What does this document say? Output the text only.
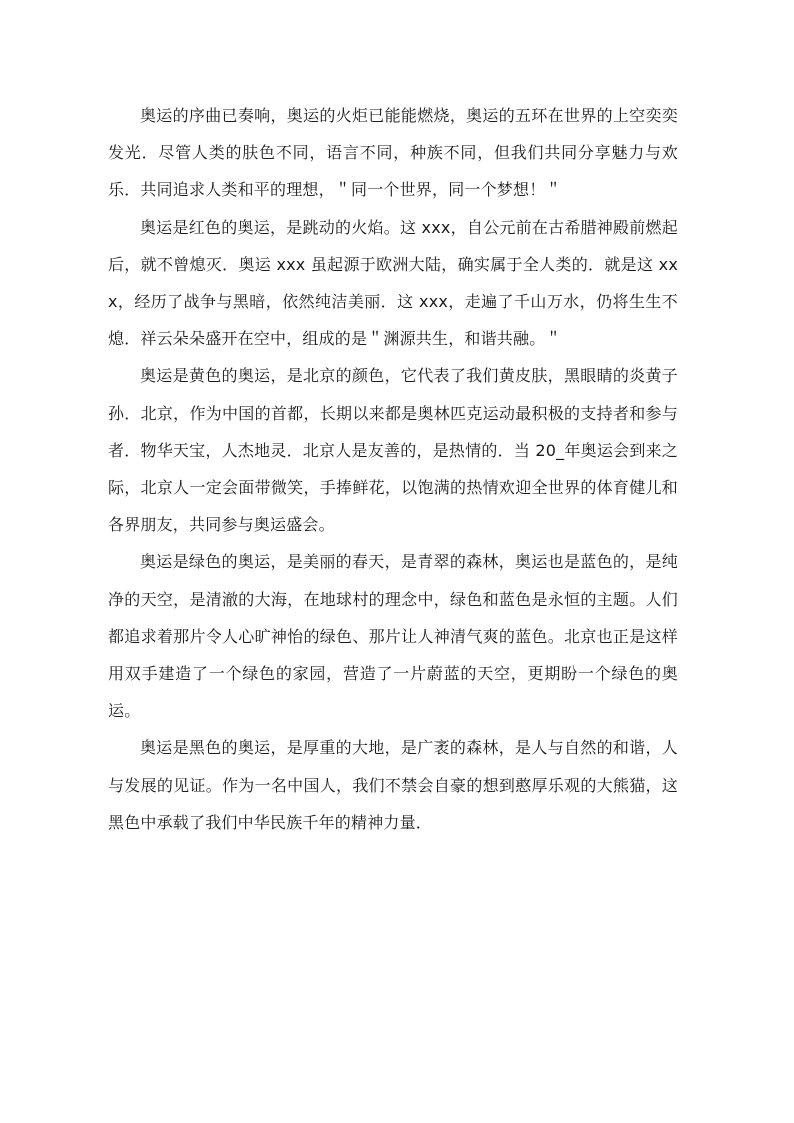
奥运的序曲已奏响，奥运的火炬已能能燃烧，奥运的五环在世界的上空奕奕发光．尽管人类的肤色不同，语言不同，种族不同，但我们共同分享魅力与欢乐．共同追求人类和平的理想，＂同一个世界，同一个梦想！＂

奥运是红色的奥运，是跳动的火焰。这 xxx，自公元前在古希腊神殿前燃起后，就不曾熄灭．奥运 xxx 虽起源于欧洲大陆，确实属于全人类的．就是这 xxx，经历了战争与黑暗，依然纯洁美丽．这 xxx，走遍了千山万水，仍将生生不熄．祥云朵朵盛开在空中，组成的是＂渊源共生，和谐共融。＂

奥运是黄色的奥运，是北京的颜色，它代表了我们黄皮肤，黑眼睛的炎黄子孙．北京，作为中国的首都，长期以来都是奥林匹克运动最积极的支持者和参与者．物华天宝，人杰地灵．北京人是友善的，是热情的．当 20_年奥运会到来之际，北京人一定会面带微笑，手捧鲜花，以饱满的热情欢迎全世界的体育健儿和各界朋友，共同参与奥运盛会。

奥运是绿色的奥运，是美丽的春天，是青翠的森林，奥运也是蓝色的，是纯净的天空，是清澈的大海，在地球村的理念中，绿色和蓝色是永恒的主题。人们都追求着那片令人心旷神怡的绿色、那片让人神清气爽的蓝色。北京也正是这样用双手建造了一个绿色的家园，营造了一片蔚蓝的天空，更期盼一个绿色的奥运。

奥运是黑色的奥运，是厚重的大地，是广袤的森林，是人与自然的和谐，人与发展的见证。作为一名中国人，我们不禁会自豪的想到憨厚乐观的大熊猫，这黑色中承载了我们中华民族千年的精神力量．
